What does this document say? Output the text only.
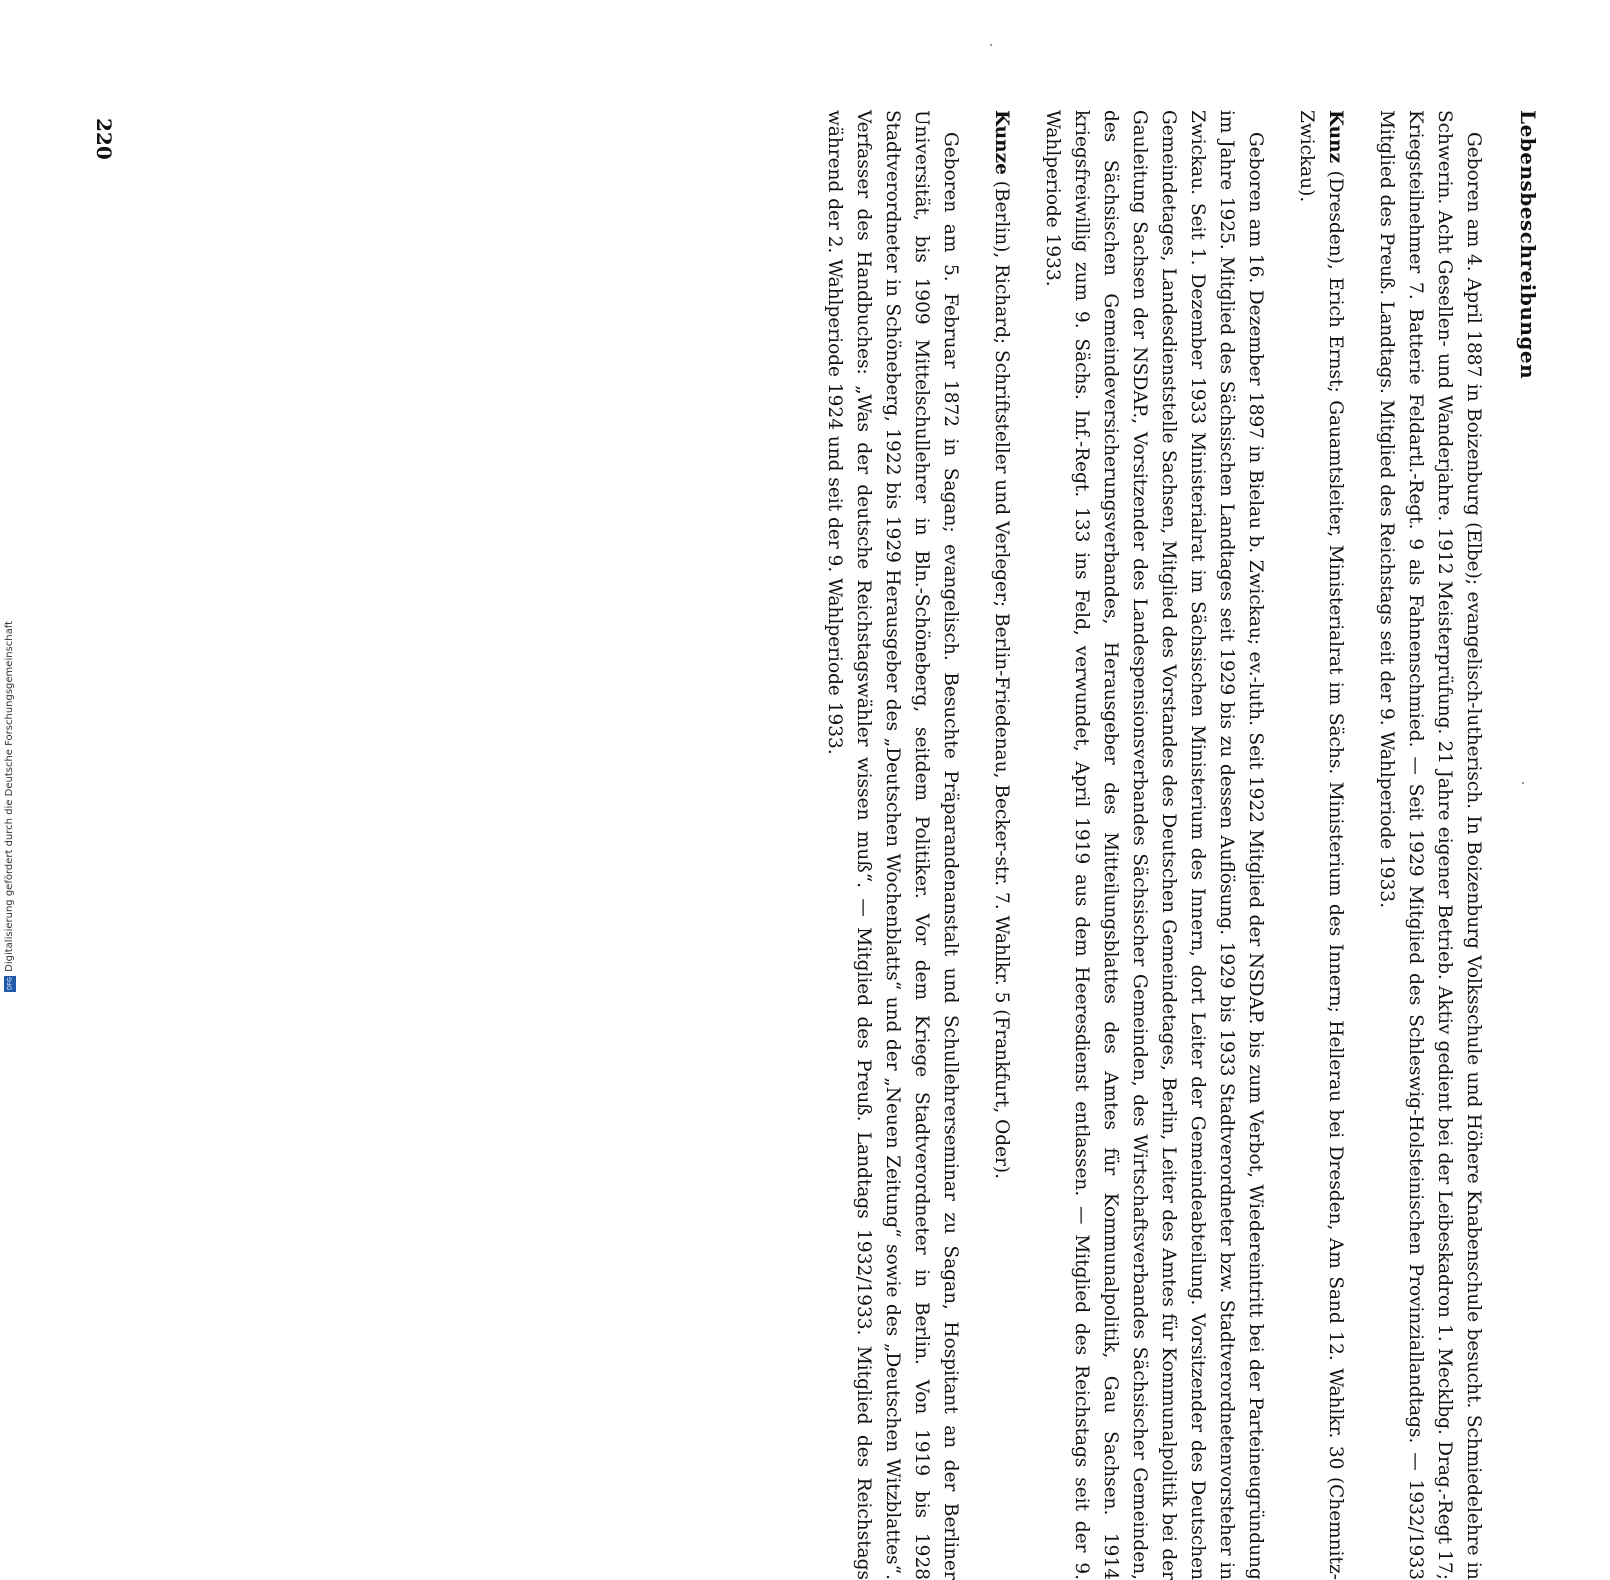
Lebensbeschreibungen

Geboren am 4. April 1887 in Boizenburg (Elbe); evangelisch-lutherisch. In Boizenburg Volksschule und Höhere Knabenschule besucht. Schmiedelehre in Schwerin. Acht Gesellen- und Wanderjahre. 1912 Meisterprüfung. 21 Jahre eigener Betrieb. Aktiv gedient bei der Leibeskadron 1. Mecklbg. Drag.-Regt 17; Kriegsteilnehmer 7. Batterie Feldartl.-Regt. 9 als Fahnenschmied. — Seit 1929 Mitglied des Schleswig-Holsteinischen Provinziallandtags. — 1932/1933 Mitglied des Preuß. Landtags. Mitglied des Reichstags seit der 9. Wahlperiode 1933.

Kunz (Dresden), Erich Ernst; Gauamtsleiter, Ministerialrat im Sächs. Ministerium des Innern; Hellerau bei Dresden, Am Sand 12. Wahlkr. 30 (Chemnitz-Zwickau).

Geboren am 16. Dezember 1897 in Bielau b. Zwickau; ev.-luth. Seit 1922 Mitglied der NSDAP. bis zum Verbot, Wiedereintritt bei der Parteineugründung im Jahre 1925. Mitglied des Sächsischen Landtages seit 1929 bis zu dessen Auflösung. 1929 bis 1933 Stadtverordneter bzw. Stadtverordnetenvorsteher in Zwickau. Seit 1. Dezember 1933 Ministerialrat im Sächsischen Ministerium des Innern, dort Leiter der Gemeindeabteilung. Vorsitzender des Deutschen Gemeindetages, Landesdienststelle Sachsen, Mitglied des Vorstandes des Deutschen Gemeindetages, Berlin, Leiter des Amtes für Kommunalpolitik bei der Gauleitung Sachsen der NSDAP., Vorsitzender des Landespensionsverbandes Sächsischer Gemeinden, des Wirtschaftsverbandes Sächsischer Gemeinden, des Sächsischen Gemeindeversicherungsverbandes, Herausgeber des Mitteilungsblattes des Amtes für Kommunalpolitik, Gau Sachsen. 1914 kriegsfreiwillig zum 9. Sächs. Inf.-Regt. 133 ins Feld, verwundet, April 1919 aus dem Heeresdienst entlassen. — Mitglied des Reichstags seit der 9. Wahlperiode 1933.

Kunze (Berlin), Richard; Schriftsteller und Verleger; Berlin-Friedenau, Becker-str. 7. Wahlkr. 5 (Frankfurt, Oder).

Geboren am 5. Februar 1872 in Sagan; evangelisch. Besuchte Präparandenanstalt und Schullehrerseminar zu Sagan, Hospitant an der Berliner Universität, bis 1909 Mittelschullehrer in Bln.-Schöneberg, seitdem Politiker. Vor dem Kriege Stadtverordneter in Berlin. Von 1919 bis 1928 Stadtverordneter in Schöneberg, 1922 bis 1929 Herausgeber des „Deutschen Wochenblatts“ und der „Neuen Zeitung“ sowie des „Deutschen Witzblattes“. Verfasser des Handbuches: „Was der deutsche Reichstagswähler wissen muß“. — Mitglied des Preuß. Landtags 1932/1933. Mitglied des Reichstags während der 2. Wahlperiode 1924 und seit der 9. Wahlperiode 1933.

220
Digitalisierung gefördert durch die Deutsche Forschungsgemeinschaft
DFG
